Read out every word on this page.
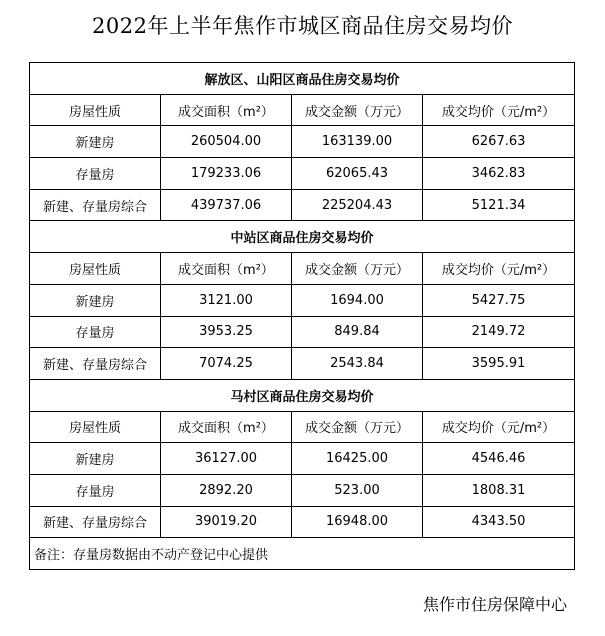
2022年上半年焦作市城区商品住房交易均价
解放区、山阳区商品住房交易均价			
房屋性质	成交面积（m²）	成交金额（万元）	成交均价（元/m²）
新建房	260504.00	163139.00	6267.63
存量房	179233.06	62065.43	3462.83
新建、存量房综合	439737.06	225204.43	5121.34
中站区商品住房交易均价			
房屋性质	成交面积（m²）	成交金额（万元）	成交均价（元/m²）
新建房	3121.00	1694.00	5427.75
存量房	3953.25	849.84	2149.72
新建、存量房综合	7074.25	2543.84	3595.91
马村区商品住房交易均价			
房屋性质	成交面积（m²）	成交金额（万元）	成交均价（元/m²）
新建房	36127.00	16425.00	4546.46
存量房	2892.20	523.00	1808.31
新建、存量房综合	39019.20	16948.00	4343.50
备注：存量房数据由不动产登记中心提供			
焦作市住房保障中心
